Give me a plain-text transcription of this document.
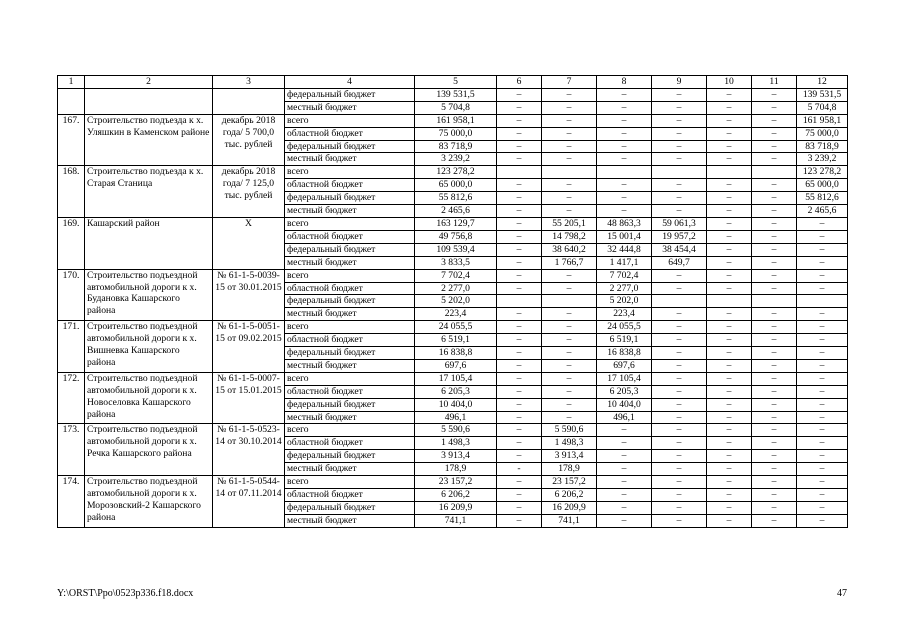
1	2	3	4	5	6	7	8	9	10	11	12
			федеральный бюджет	139 531,5	–	–	–	–	–	–	139 531,5
			местный бюджет	5 704,8	–	–	–	–	–	–	5 704,8
167.	Строительство подъезда к х. Уляшкин в Каменском районе	декабрь 2018 года/ 5 700,0 тыс. рублей	всего	161 958,1	–	–	–	–	–	–	161 958,1
			областной бюджет	75 000,0	–	–	–	–	–	–	75 000,0
			федеральный бюджет	83 718,9	–	–	–	–	–	–	83 718,9
			местный бюджет	3 239,2	–	–	–	–	–	–	3 239,2
168.	Строительство подъезда к х. Старая Станица	декабрь 2018 года/ 7 125,0 тыс. рублей	всего	123 278,2							123 278,2
			областной бюджет	65 000,0	–	–	–	–	–	–	65 000,0
			федеральный бюджет	55 812,6	–	–	–	–	–	–	55 812,6
			местный бюджет	2 465,6	–	–	–	–	–	–	2 465,6
169.	Кашарский район	Х	всего	163 129,7	–	55 205,1	48 863,3	59 061,3	–	–	–
			областной бюджет	49 756,8	–	14 798,2	15 001,4	19 957,2	–	–	–
			федеральный бюджет	109 539,4	–	38 640,2	32 444,8	38 454,4	–	–	–
			местный бюджет	3 833,5	–	1 766,7	1 417,1	649,7	–	–	–
170.	Строительство подъездной автомобильной дороги к х. Будановка Кашарского района	№ 61-1-5-0039-15 от 30.01.2015	всего	7 702,4	–	–	7 702,4	–	–	–	–
			областной бюджет	2 277,0	–	–	2 277,0	–	–	–	–
			федеральный бюджет	5 202,0			5 202,0				
			местный бюджет	223,4	–	–	223,4	–	–	–	–
171.	Строительство подъездной автомобильной дороги к х. Вишневка Кашарского района	№ 61-1-5-0051-15 от 09.02.2015	всего	24 055,5	–	–	24 055,5	–	–	–	–
			областной бюджет	6 519,1	–	–	6 519,1	–	–	–	–
			федеральный бюджет	16 838,8	–	–	16 838,8	–	–	–	–
			местный бюджет	697,6	–	–	697,6	–	–	–	–
172.	Строительство подъездной автомобильной дороги к х. Новоселовка Кашарского района	№ 61-1-5-0007-15 от 15.01.2015	всего	17 105,4	–	–	17 105,4	–	–	–	–
			областной бюджет	6 205,3	–	–	6 205,3	–	–	–	–
			федеральный бюджет	10 404,0	–	–	10 404,0	–	–	–	–
			местный бюджет	496,1	–	–	496,1	–	–	–	–
173.	Строительство подъездной автомобильной дороги к х. Речка Кашарского района	№ 61-1-5-0523-14 от 30.10.2014	всего	5 590,6	–	5 590,6	–	–	–	–	–
			областной бюджет	1 498,3	–	1 498,3	–	–	–	–	–
			федеральный бюджет	3 913,4	–	3 913,4	–	–	–	–	–
			местный бюджет	178,9	-	178,9	–	–	–	–	–
174.	Строительство подъездной автомобильной дороги к х. Морозовский-2 Кашарского района	№ 61-1-5-0544-14 от 07.11.2014	всего	23 157,2	–	23 157,2	–	–	–	–	–
			областной бюджет	6 206,2	–	6 206,2	–	–	–	–	–
			федеральный бюджет	16 209,9	–	16 209,9	–	–	–	–	–
			местный бюджет	741,1	–	741,1	–	–	–	–	–
Y:\ORST\Ppo\0523p336.f18.docx	47
